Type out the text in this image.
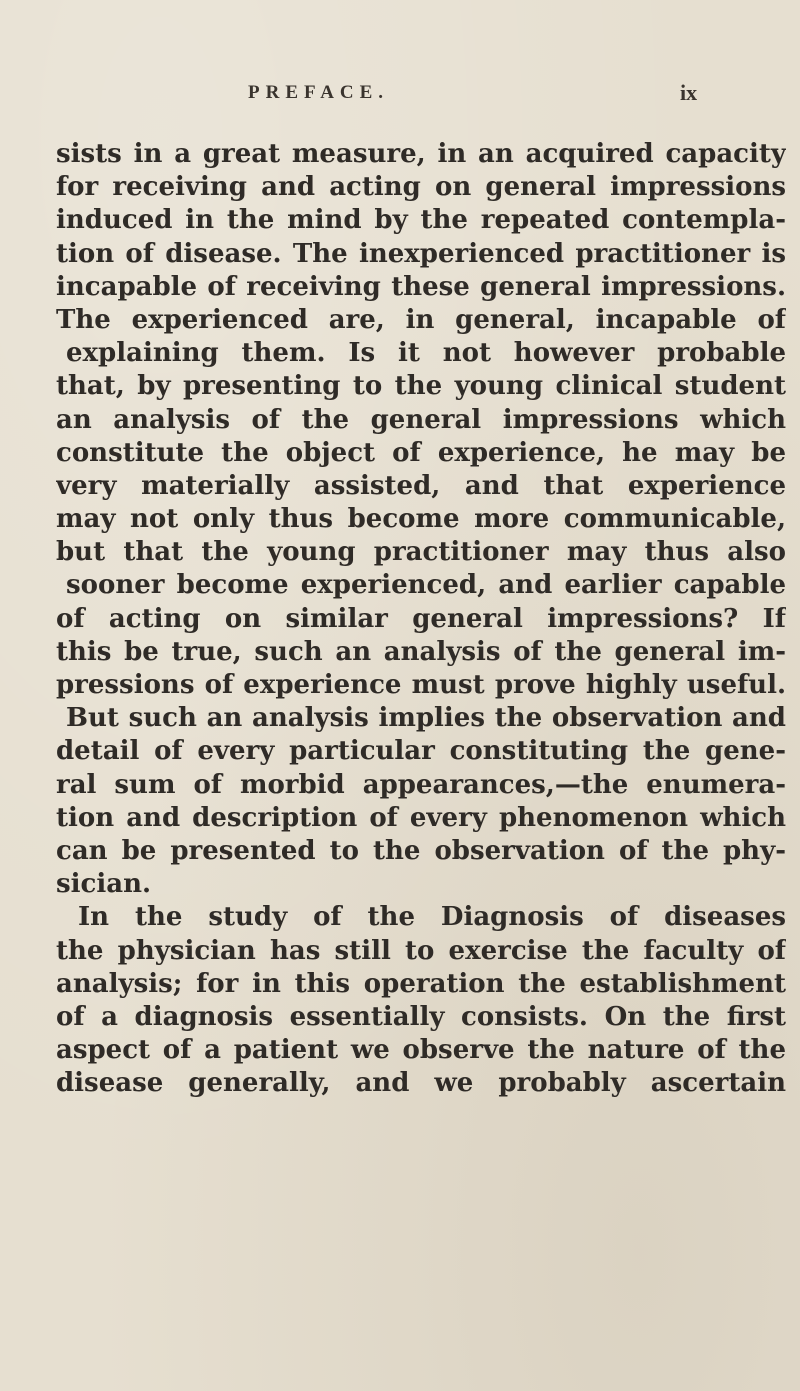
PREFACE.	ix
sists in a great measure, in an acquired capacity
for receiving and acting on general impressions
induced in the mind by the repeated contempla-
tion of disease. The inexperienced practitioner is
incapable of receiving these general impressions.
The experienced are, in general, incapable of
explaining them. Is it not however probable
that, by presenting to the young clinical student
an analysis of the general impressions which
constitute the object of experience, he may be
very materially assisted, and that experience
may not only thus become more communicable,
but that the young practitioner may thus also
sooner become experienced, and earlier capable
of acting on similar general impressions? If
this be true, such an analysis of the general im-
pressions of experience must prove highly useful.
But such an analysis implies the observation and
detail of every particular constituting the gene-
ral sum of morbid appearances,—the enumera-
tion and description of every phenomenon which
can be presented to the observation of the phy-
sician.
In the study of the Diagnosis of diseases
the physician has still to exercise the faculty of
analysis; for in this operation the establishment
of a diagnosis essentially consists. On the first
aspect of a patient we observe the nature of the
disease generally, and we probably ascertain
